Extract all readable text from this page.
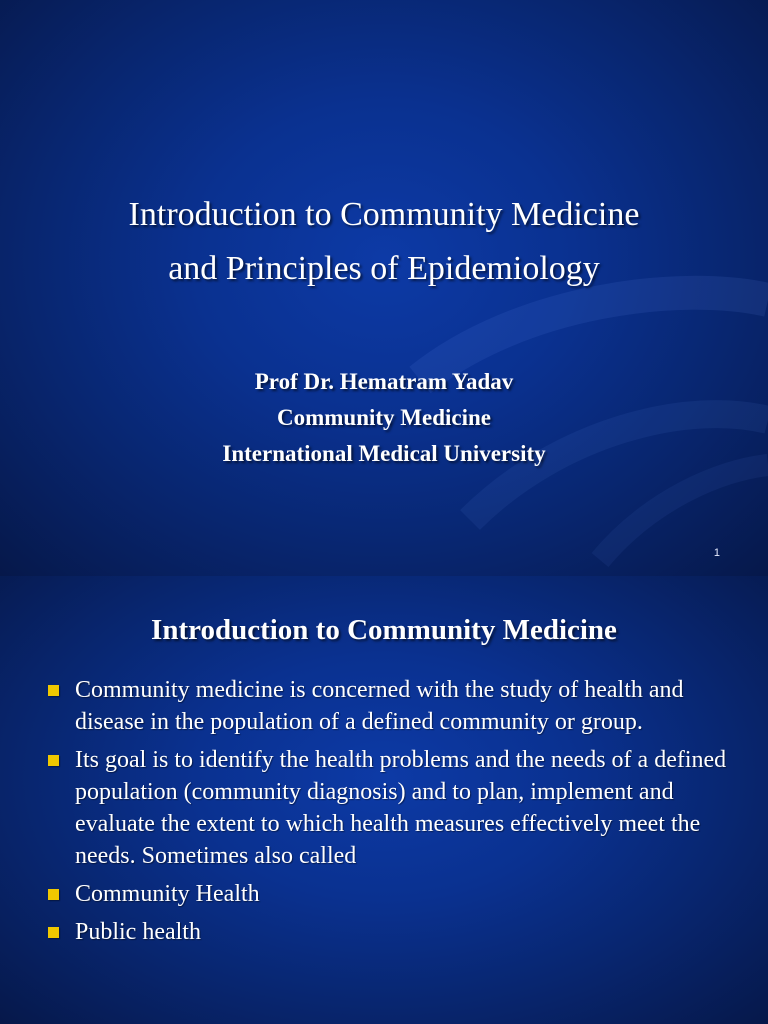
Introduction to Community Medicine
and Principles of Epidemiology
Prof Dr. Hematram Yadav
Community Medicine
International Medical University
1
Introduction to Community Medicine
Community medicine is concerned with the study of health and disease in the population of a defined community or group.
Its goal is to identify the health problems and the needs of a defined population (community diagnosis) and to plan, implement and evaluate the extent to which health measures effectively meet the needs. Sometimes also called
Community Health
Public health
